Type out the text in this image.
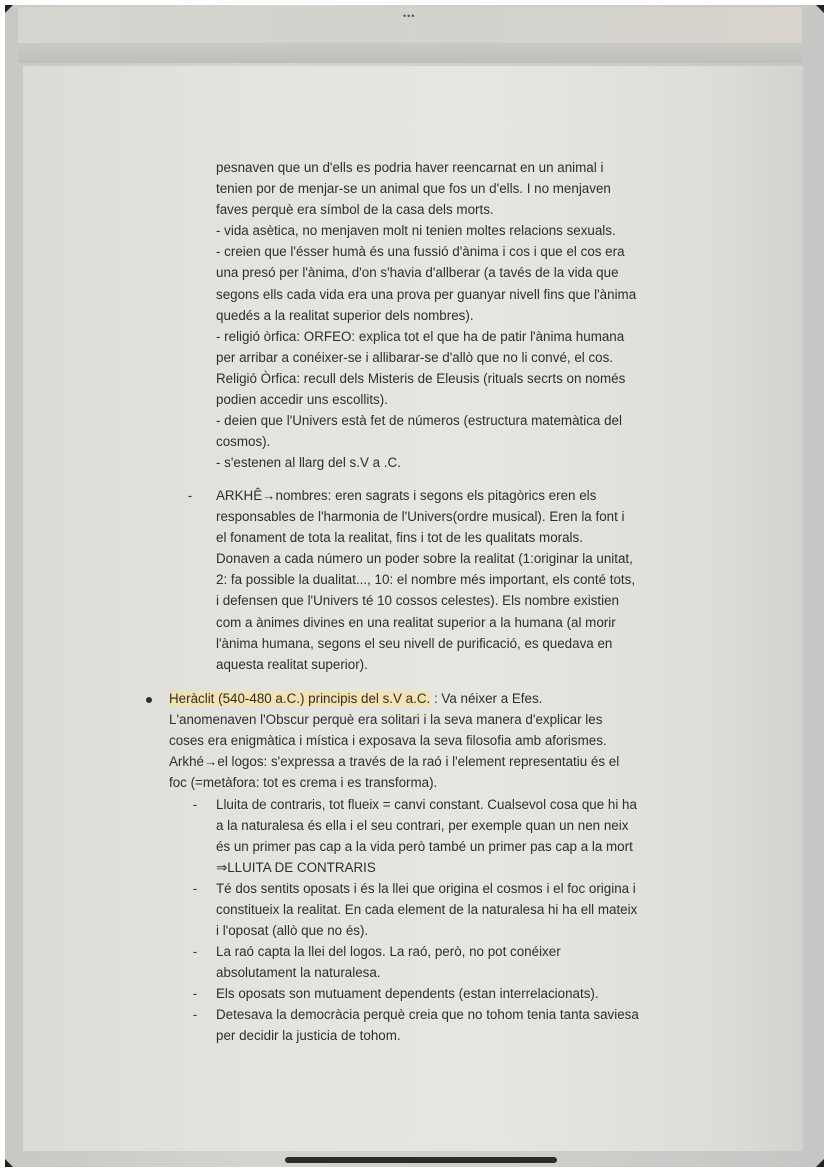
•••
pesnaven que un d'ells es podria haver reencarnat en un animal i
tenien por de menjar-se un animal que fos un d'ells. I no menjaven
faves perquè era símbol de la casa dels morts.
- vida asètica, no menjaven molt ni tenien moltes relacions sexuals.
- creien que l'ésser humà és una fussió d'ànima i cos i que el cos era
una presó per l'ànima, d'on s'havia d'allberar (a tavés de la vida que
segons ells cada vida era una prova per guanyar nivell fins que l'ànima
quedés a la realitat superior dels nombres).
- religió òrfica: ORFEO: explica tot el que ha de patir l'ànima humana
per arribar a conéixer-se i allibarar-se d'allò que no li convé, el cos.
Religió Òrfica: recull dels Misteris de Eleusis (rituals secrts on només
podien accedir uns escollits).
- deien que l'Univers està fet de números (estructura matemàtica del
cosmos).
- s'estenen al llarg del s.V a .C.
- ARKHÊ→nombres: eren sagrats i segons els pitagòrics eren els
responsables de l'harmonia de l'Univers(ordre musical). Eren la font i
el fonament de tota la realitat, fins i tot de les qualitats morals.
Donaven a cada número un poder sobre la realitat (1:originar la unitat,
2: fa possible la dualitat..., 10: el nombre més important, els conté tots,
i defensen que l'Univers té 10 cossos celestes). Els nombre existien
com a ànimes divines en una realitat superior a la humana (al morir
l'ànima humana, segons el seu nivell de purificació, es quedava en
aquesta realitat superior).
Heràclit (540-480 a.C.) principis del s.V a.C. : Va néixer a Efes.
L'anomenaven l'Obscur perquè era solitari i la seva manera d'explicar les
coses era enigmàtica i mística i exposava la seva filosofia amb aforismes.
Arkhé→el logos: s'expressa a través de la raó i l'element representatiu és el
foc (=metàfora: tot es crema i es transforma).
- Lluita de contraris, tot flueix = canvi constant. Cualsevol cosa que hi ha
a la naturalesa és ella i el seu contrari, per exemple quan un nen neix
és un primer pas cap a la vida però també un primer pas cap a la mort
⇒LLUITA DE CONTRARIS
- Té dos sentits oposats i és la llei que origina el cosmos i el foc origina i
constitueix la realitat. En cada element de la naturalesa hi ha ell mateix
i l'oposat (allò que no és).
- La raó capta la llei del logos. La raó, però, no pot conéixer
absolutament la naturalesa.
- Els oposats son mutuament dependents (estan interrelacionats).
- Detesava la democràcia perquè creia que no tohom tenia tanta saviesa
per decidir la justicia de tohom.
